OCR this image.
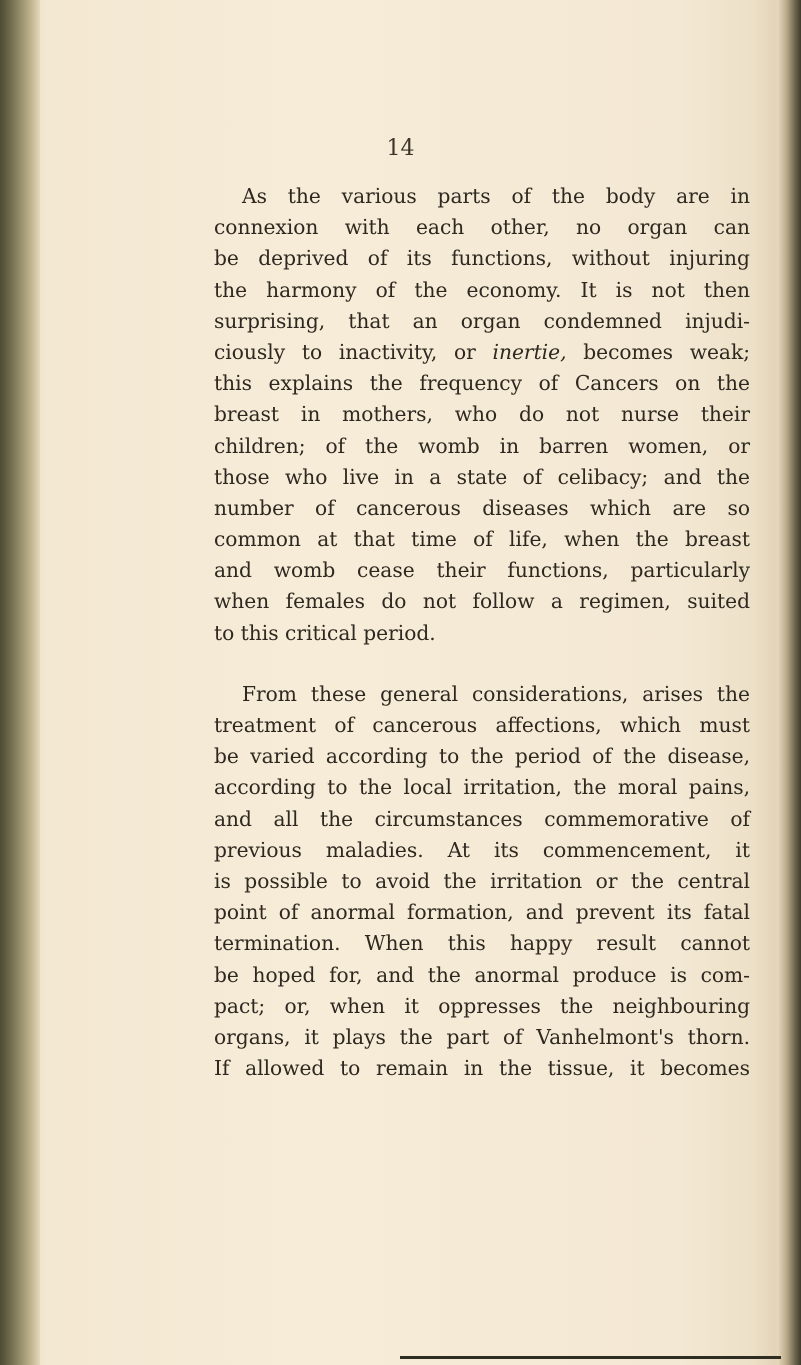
14
As the various parts of the body are in
connexion with each other, no organ can
be deprived of its functions, without injuring
the harmony of the economy. It is not then
surprising, that an organ condemned injudi-
ciously to inactivity, or inertie, becomes weak;
this explains the frequency of Cancers on the
breast in mothers, who do not nurse their
children; of the womb in barren women, or
those who live in a state of celibacy; and the
number of cancerous diseases which are so
common at that time of life, when the breast
and womb cease their functions, particularly
when females do not follow a regimen, suited
to this critical period.
From these general considerations, arises the
treatment of cancerous affections, which must
be varied according to the period of the disease,
according to the local irritation, the moral pains,
and all the circumstances commemorative of
previous maladies. At its commencement, it
is possible to avoid the irritation or the central
point of anormal formation, and prevent its fatal
termination. When this happy result cannot
be hoped for, and the anormal produce is com-
pact; or, when it oppresses the neighbouring
organs, it plays the part of Vanhelmont's thorn.
If allowed to remain in the tissue, it becomes
